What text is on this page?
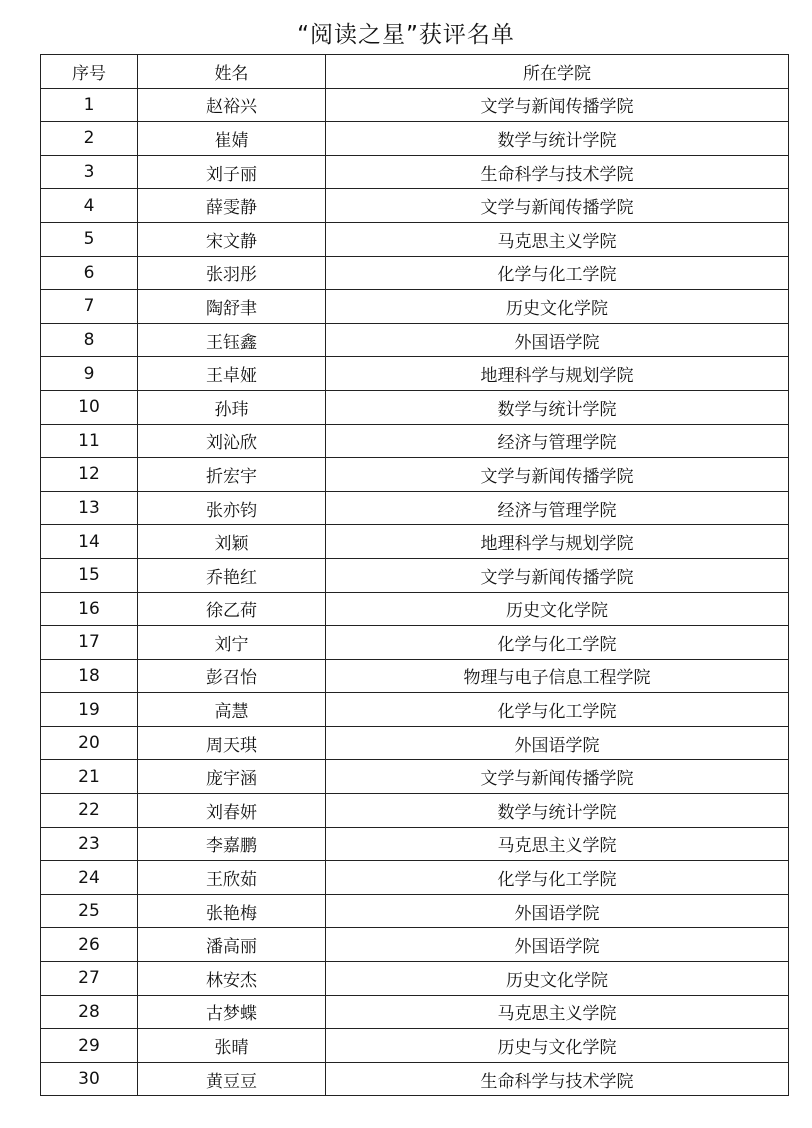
“阅读之星”获评名单
序号	姓名	所在学院
1	赵裕兴	文学与新闻传播学院
2	崔婧	数学与统计学院
3	刘子丽	生命科学与技术学院
4	薛雯静	文学与新闻传播学院
5	宋文静	马克思主义学院
6	张羽彤	化学与化工学院
7	陶舒聿	历史文化学院
8	王钰鑫	外国语学院
9	王卓娅	地理科学与规划学院
10	孙玮	数学与统计学院
11	刘沁欣	经济与管理学院
12	折宏宇	文学与新闻传播学院
13	张亦钧	经济与管理学院
14	刘颖	地理科学与规划学院
15	乔艳红	文学与新闻传播学院
16	徐乙荷	历史文化学院
17	刘宁	化学与化工学院
18	彭召怡	物理与电子信息工程学院
19	高慧	化学与化工学院
20	周天琪	外国语学院
21	庞宇涵	文学与新闻传播学院
22	刘春妍	数学与统计学院
23	李嘉鹏	马克思主义学院
24	王欣茹	化学与化工学院
25	张艳梅	外国语学院
26	潘高丽	外国语学院
27	林安杰	历史文化学院
28	古梦蝶	马克思主义学院
29	张晴	历史与文化学院
30	黄豆豆	生命科学与技术学院
